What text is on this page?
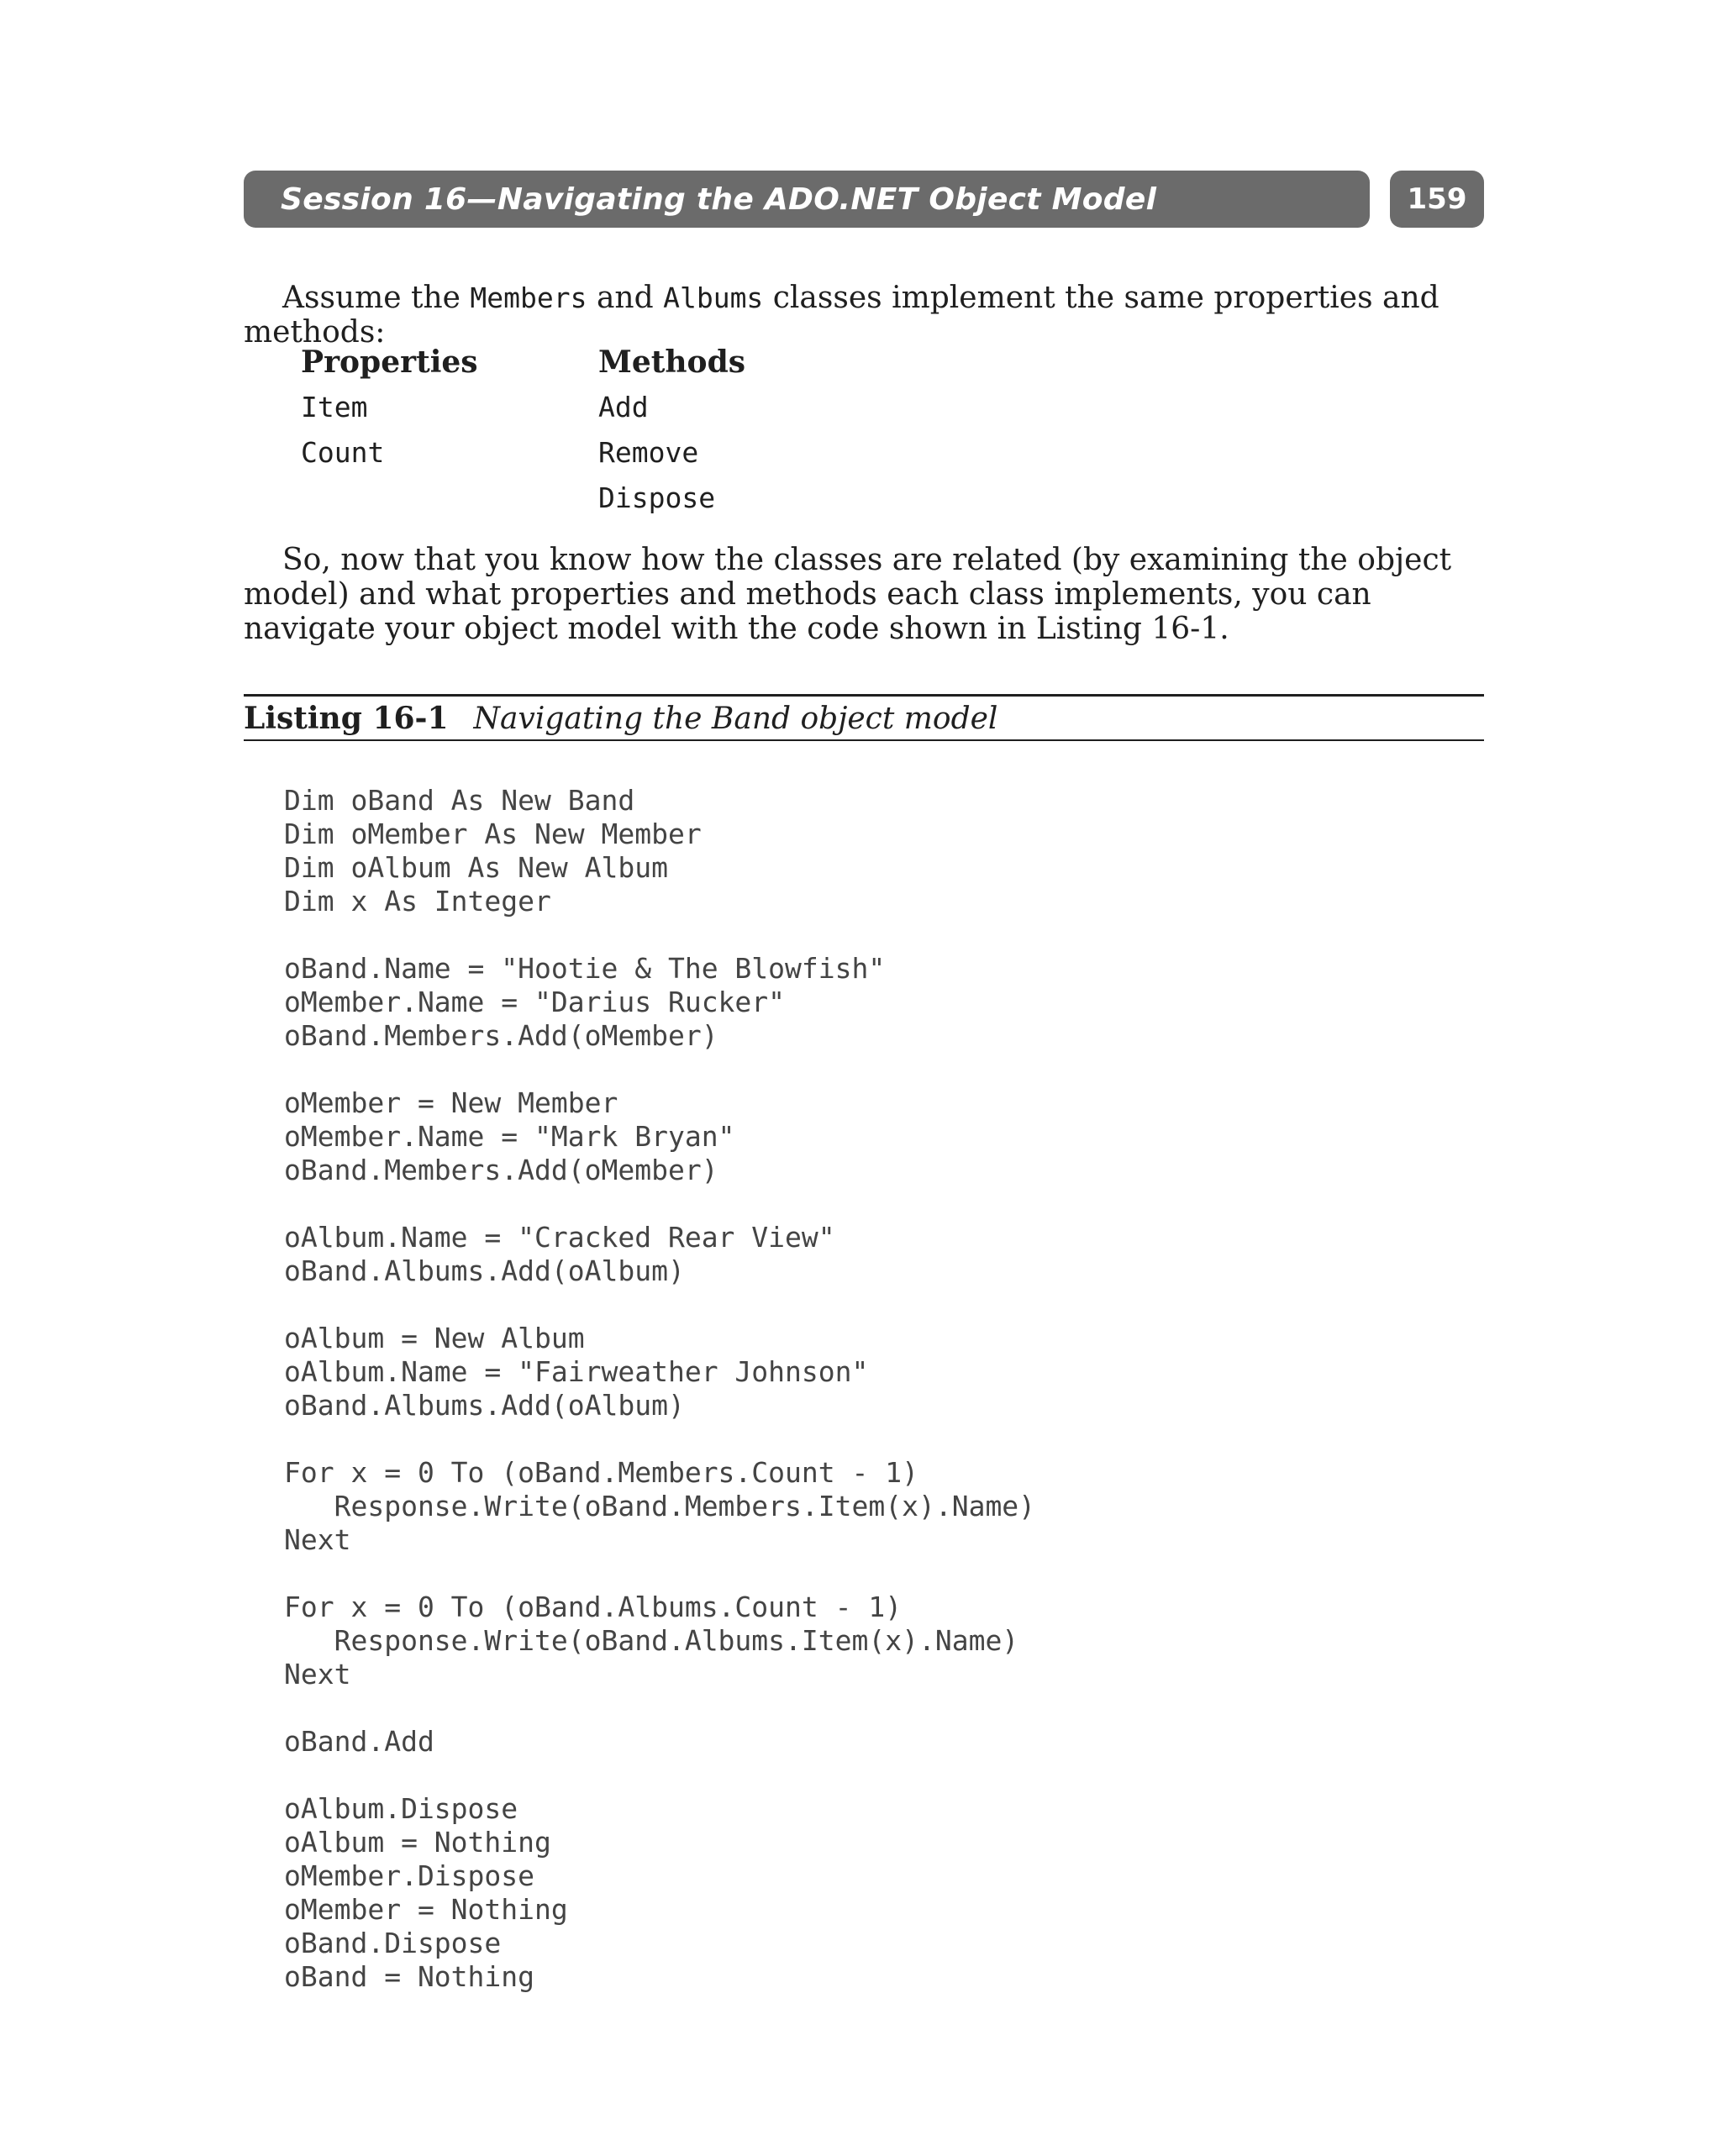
Session 16—Navigating the ADO.NET Object Model	159

Assume the Members and Albums classes implement the same properties and methods:

Properties
Item
Count
Methods
Add
Remove
Dispose

So, now that you know how the classes are related (by examining the object model) and what properties and methods each class implements, you can navigate your object model with the code shown in Listing 16-1.

Listing 16-1 Navigating the Band object model
Dim oBand As New Band
Dim oMember As New Member
Dim oAlbum As New Album
Dim x As Integer
oBand.Name = "Hootie & The Blowfish"
oMember.Name = "Darius Rucker"
oBand.Members.Add(oMember)
oMember = New Member
oMember.Name = "Mark Bryan"
oBand.Members.Add(oMember)
oAlbum.Name = "Cracked Rear View"
oBand.Albums.Add(oAlbum)
oAlbum = New Album
oAlbum.Name = "Fairweather Johnson"
oBand.Albums.Add(oAlbum)
For x = 0 To (oBand.Members.Count - 1)
Response.Write(oBand.Members.Item(x).Name)
Next
For x = 0 To (oBand.Albums.Count - 1)
Response.Write(oBand.Albums.Item(x).Name)
Next
oBand.Add
oAlbum.Dispose
oAlbum = Nothing
oMember.Dispose
oMember = Nothing
oBand.Dispose
oBand = Nothing
